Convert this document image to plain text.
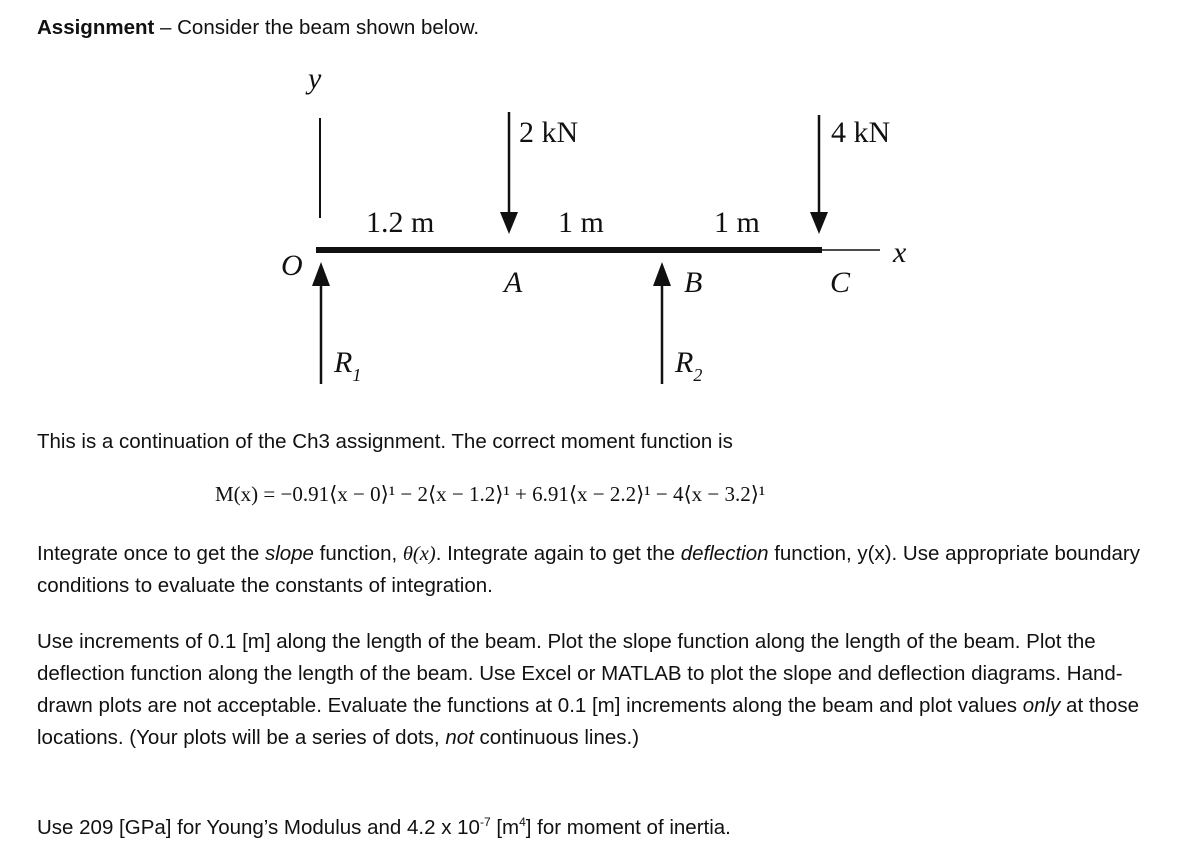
Assignment – Consider the beam shown below.

y
x
O
2 kN	4 kN
1.2 m	1 m	1 m
A	B	C
$R_1$	$R_2$

This is a continuation of the Ch3 assignment. The correct moment function is

M(x) = −0.91⟨x − 0⟩¹ − 2⟨x − 1.2⟩¹ + 6.91⟨x − 2.2⟩¹ − 4⟨x − 3.2⟩¹

Integrate once to get the slope function, θ(x). Integrate again to get the deflection function, y(x). Use appropriate boundary conditions to evaluate the constants of integration.

Use increments of 0.1 [m] along the length of the beam. Plot the slope function along the length of the beam. Plot the deflection function along the length of the beam. Use Excel or MATLAB to plot the slope and deflection diagrams. Hand-drawn plots are not acceptable. Evaluate the functions at 0.1 [m] increments along the beam and plot values only at those locations. (Your plots will be a series of dots, not continuous lines.)

Use 209 [GPa] for Young’s Modulus and 4.2 x $10^{-7}$ $[m^4]$ for moment of inertia.
